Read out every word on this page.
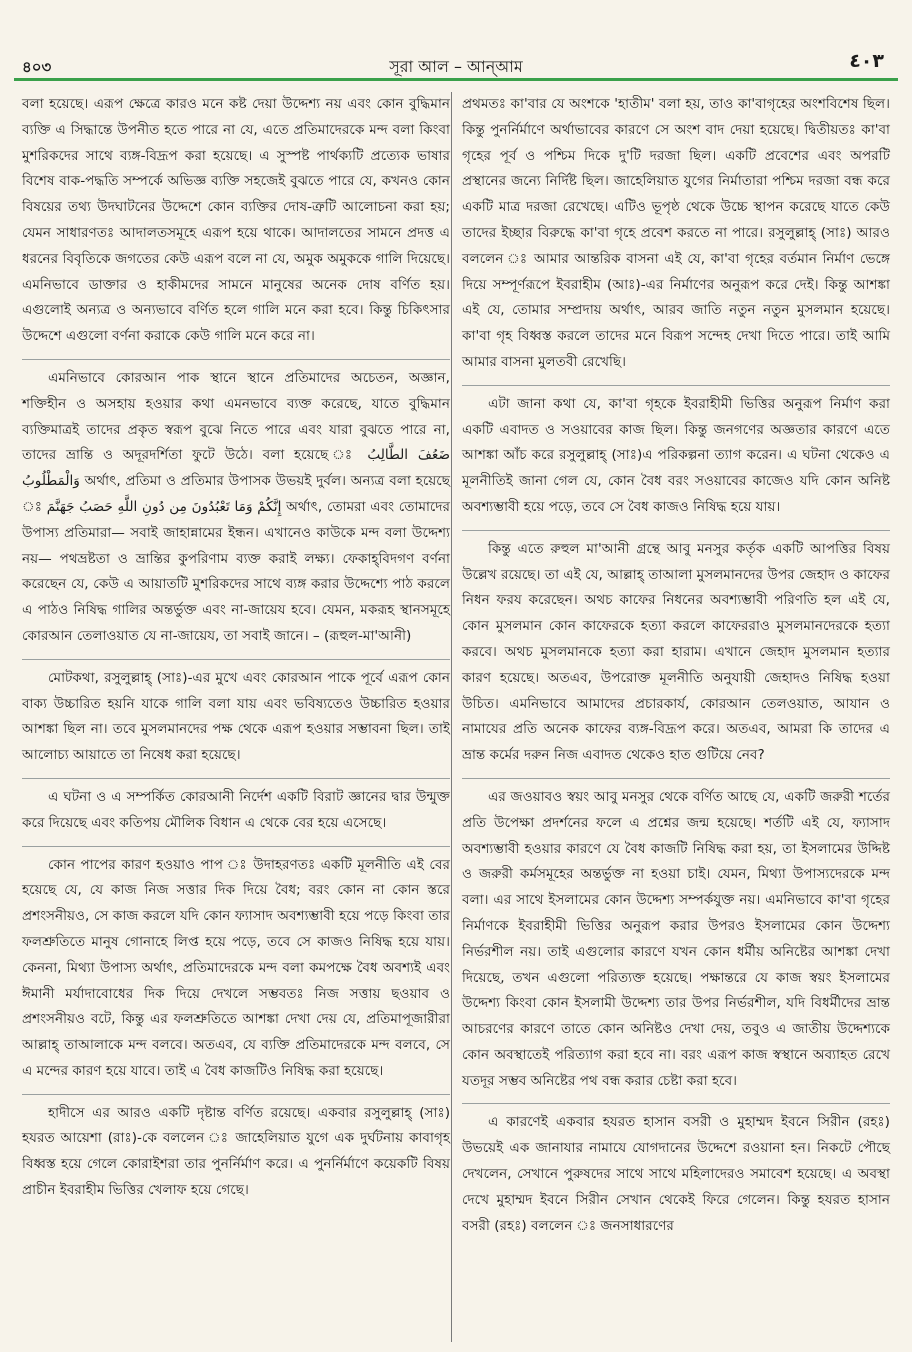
৪০৩	সূরা আল – আন্‌আম	٤٠٣

বলা হয়েছে। এরূপ ক্ষেত্রে কারও মনে কষ্ট দেয়া উদ্দেশ্য নয় এবং কোন বুদ্ধিমান ব্যক্তি এ সিদ্ধান্তে উপনীত হতে পারে না যে, এতে প্রতিমাদেরকে মন্দ বলা কিংবা মুশরিকদের সাথে ব্যঙ্গ-বিদ্রূপ করা হয়েছে। এ সুস্পষ্ট পার্থক্যটি প্রত্যেক ভাষার বিশেষ বাক-পদ্ধতি সম্পর্কে অভিজ্ঞ ব্যক্তি সহজেই বুঝতে পারে যে, কখনও কোন বিষয়ের তথ্য উদঘাটনের উদ্দেশে কোন ব্যক্তির দোষ-ত্রুটি আলোচনা করা হয়; যেমন সাধারণতঃ আদালতসমূহে এরূপ হয়ে থাকে। আদালতের সামনে প্রদত্ত এ ধরনের বিবৃতিকে জগতের কেউ এরূপ বলে না যে, অমুক অমুককে গালি দিয়েছে। এমনিভাবে ডাক্তার ও হাকীমদের সামনে মানুষের অনেক দোষ বর্ণিত হয়। এগুলোই অন্যত্র ও অন্যভাবে বর্ণিত হলে গালি মনে করা হবে। কিন্তু চিকিৎসার উদ্দেশে এগুলো বর্ণনা করাকে কেউ গালি মনে করে না।

এমনিভাবে কোরআন পাক স্থানে স্থানে প্রতিমাদের অচেতন, অজ্ঞান, শক্তিহীন ও অসহায় হওয়ার কথা এমনভাবে ব্যক্ত করেছে, যাতে বুদ্ধিমান ব্যক্তিমাত্রই তাদের প্রকৃত স্বরূপ বুঝে নিতে পারে এবং যারা বুঝতে পারে না, তাদের ভ্রান্তি ও অদূরদর্শিতা ফুটে উঠে। বলা হয়েছে ঃ ضَعُفَ الطَّالِبُ وَالْمَطْلُوبُ অর্থাৎ, প্রতিমা ও প্রতিমার উপাসক উভয়ই দুর্বল। অন্যত্র বলা হয়েছে ঃ إِنَّكُمْ وَمَا تَعْبُدُونَ مِن دُونِ اللَّهِ حَصَبُ جَهَنَّمَ অর্থাৎ, তোমরা এবং তোমাদের উপাস্য প্রতিমারা— সবাই জাহান্নামের ইন্ধন। এখানেও কাউকে মন্দ বলা উদ্দেশ্য নয়— পথভ্রষ্টতা ও ভ্রান্তির কুপরিণাম ব্যক্ত করাই লক্ষ্য। ফেকাহ্‌বিদগণ বর্ণনা করেছেন যে, কেউ এ আয়াতটি মুশরিকদের সাথে ব্যঙ্গ করার উদ্দেশ্যে পাঠ করলে এ পাঠও নিষিদ্ধ গালির অন্তর্ভুক্ত এবং না-জায়েয হবে। যেমন, মকরূহ স্থানসমূহে কোরআন তেলাওয়াত যে না-জায়েয, তা সবাই জানে। – (রূহুল-মা'আনী)

মোটকথা, রসুলুল্লাহ্‌ (সাঃ)-এর মুখে এবং কোরআন পাকে পূর্বে এরূপ কোন বাক্য উচ্চারিত হয়নি যাকে গালি বলা যায় এবং ভবিষ্যতেও উচ্চারিত হওয়ার আশঙ্কা ছিল না। তবে মুসলমানদের পক্ষ থেকে এরূপ হওয়ার সম্ভাবনা ছিল। তাই আলোচ্য আয়াতে তা নিষেধ করা হয়েছে।

এ ঘটনা ও এ সম্পর্কিত কোরআনী নির্দেশ একটি বিরাট জ্ঞানের দ্বার উন্মুক্ত করে দিয়েছে এবং কতিপয় মৌলিক বিধান এ থেকে বের হয়ে এসেছে।

কোন পাপের কারণ হওয়াও পাপ ঃ উদাহরণতঃ একটি মূলনীতি এই বের হয়েছে যে, যে কাজ নিজ সত্তার দিক দিয়ে বৈধ; বরং কোন না কোন স্তরে প্রশংসনীয়ও, সে কাজ করলে যদি কোন ফ্যাসাদ অবশ্যম্ভাবী হয়ে পড়ে কিংবা তার ফলশ্রুতিতে মানুষ গোনাহে লিপ্ত হয়ে পড়ে, তবে সে কাজও নিষিদ্ধ হয়ে যায়। কেননা, মিথ্যা উপাস্য অর্থাৎ, প্রতিমাদেরকে মন্দ বলা কমপক্ষে বৈধ অবশ্যই এবং ঈমানী মর্যাদাবোধের দিক দিয়ে দেখলে সম্ভবতঃ নিজ সত্তায় ছওয়াব ও প্রশংসনীয়ও বটে, কিন্তু এর ফলশ্রুতিতে আশঙ্কা দেখা দেয় যে, প্রতিমাপূজারীরা আল্লাহ্‌ তাআলাকে মন্দ বলবে। অতএব, যে ব্যক্তি প্রতিমাদেরকে মন্দ বলবে, সে এ মন্দের কারণ হয়ে যাবে। তাই এ বৈধ কাজটিও নিষিদ্ধ করা হয়েছে।

হাদীসে এর আরও একটি দৃষ্টান্ত বর্ণিত রয়েছে। একবার রসুলুল্লাহ্‌ (সাঃ) হযরত আয়েশা (রাঃ)-কে বললেন ঃ জাহেলিয়াত যুগে এক দুর্ঘটনায় কাবাগৃহ বিধ্বস্ত হয়ে গেলে কোরাইশরা তার পুনর্নির্মাণ করে। এ পুনর্নির্মাণে কয়েকটি বিষয় প্রাচীন ইবরাহীম ভিত্তির খেলাফ হয়ে গেছে।

প্রথমতঃ কা'বার যে অংশকে 'হাতীম' বলা হয়, তাও কা'বাগৃহের অংশবিশেষ ছিল। কিন্তু পুনর্নির্মাণে অর্থাভাবের কারণে সে অংশ বাদ দেয়া হয়েছে। দ্বিতীয়তঃ কা'বা গৃহের পূর্ব ও পশ্চিম দিকে দু'টি দরজা ছিল। একটি প্রবেশের এবং অপরটি প্রস্থানের জন্যে নির্দিষ্ট ছিল। জাহেলিয়াত যুগের নির্মাতারা পশ্চিম দরজা বন্ধ করে একটি মাত্র দরজা রেখেছে। এটিও ভূপৃষ্ঠ থেকে উচ্চে স্থাপন করেছে যাতে কেউ তাদের ইচ্ছার বিরুদ্ধে কা'বা গৃহে প্রবেশ করতে না পারে। রসুলুল্লাহ্‌ (সাঃ) আরও বললেন ঃ আমার আন্তরিক বাসনা এই যে, কা'বা গৃহের বর্তমান নির্মাণ ভেঙ্গে দিয়ে সম্পূর্ণরূপে ইবরাহীম (আঃ)-এর নির্মাণের অনুরূপ করে দেই। কিন্তু আশঙ্কা এই যে, তোমার সম্প্রদায় অর্থাৎ, আরব জাতি নতুন নতুন মুসলমান হয়েছে। কা'বা গৃহ বিধ্বস্ত করলে তাদের মনে বিরূপ সন্দেহ দেখা দিতে পারে। তাই আমি আমার বাসনা মুলতবী রেখেছি।

এটা জানা কথা যে, কা'বা গৃহকে ইবরাহীমী ভিত্তির অনুরূপ নির্মাণ করা একটি এবাদত ও সওয়াবের কাজ ছিল। কিন্তু জনগণের অজ্ঞতার কারণে এতে আশঙ্কা আঁচ করে রসুলুল্লাহ্‌ (সাঃ)এ পরিকল্পনা ত্যাগ করেন। এ ঘটনা থেকেও এ মূলনীতিই জানা গেল যে, কোন বৈধ বরং সওয়াবের কাজেও যদি কোন অনিষ্ট অবশ্যম্ভাবী হয়ে পড়ে, তবে সে বৈধ কাজও নিষিদ্ধ হয়ে যায়।

কিন্তু এতে রুহুল মা'আনী গ্রন্থে আবু মনসুর কর্তৃক একটি আপত্তির বিষয় উল্লেখ রয়েছে। তা এই যে, আল্লাহ্‌ তাআলা মুসলমানদের উপর জেহাদ ও কাফের নিধন ফরয করেছেন। অথচ কাফের নিধনের অবশ্যম্ভাবী পরিণতি হল এই যে, কোন মুসলমান কোন কাফেরকে হত্যা করলে কাফেররাও মুসলমানদেরকে হত্যা করবে। অথচ মুসলমানকে হত্যা করা হারাম। এখানে জেহাদ মুসলমান হত্যার কারণ হয়েছে। অতএব, উপরোক্ত মূলনীতি অনুযায়ী জেহাদও নিষিদ্ধ হওয়া উচিত। এমনিভাবে আমাদের প্রচারকার্য, কোরআন তেলওয়াত, আযান ও নামাযের প্রতি অনেক কাফের ব্যঙ্গ-বিদ্রূপ করে। অতএব, আমরা কি তাদের এ ভ্রান্ত কর্মের দরুন নিজ এবাদত থেকেও হাত গুটিয়ে নেব?

এর জওয়াবও স্বয়ং আবু মনসুর থেকে বর্ণিত আছে যে, একটি জরুরী শর্তের প্রতি উপেক্ষা প্রদর্শনের ফলে এ প্রশ্নের জন্ম হয়েছে। শর্তটি এই যে, ফ্যাসাদ অবশ্যম্ভাবী হওয়ার কারণে যে বৈধ কাজটি নিষিদ্ধ করা হয়, তা ইসলামের উদ্দিষ্ট ও জরুরী কর্মসমূহের অন্তর্ভুক্ত না হওয়া চাই। যেমন, মিথ্যা উপাস্যদেরকে মন্দ বলা। এর সাথে ইসলামের কোন উদ্দেশ্য সম্পর্কযুক্ত নয়। এমনিভাবে কা'বা গৃহের নির্মাণকে ইবরাহীমী ভিত্তির অনুরূপ করার উপরও ইসলামের কোন উদ্দেশ্য নির্ভরশীল নয়। তাই এগুলোর কারণে যখন কোন ধর্মীয় অনিষ্টের আশঙ্কা দেখা দিয়েছে, তখন এগুলো পরিত্যক্ত হয়েছে। পক্ষান্তরে যে কাজ স্বয়ং ইসলামের উদ্দেশ্য কিংবা কোন ইসলামী উদ্দেশ্য তার উপর নির্ভরশীল, যদি বিধর্মীদের ভ্রান্ত আচরণের কারণে তাতে কোন অনিষ্টও দেখা দেয়, তবুও এ জাতীয় উদ্দেশ্যকে কোন অবস্থাতেই পরিত্যাগ করা হবে না। বরং এরূপ কাজ স্বস্থানে অব্যাহত রেখে যতদূর সম্ভব অনিষ্টের পথ বন্ধ করার চেষ্টা করা হবে।

এ কারণেই একবার হযরত হাসান বসরী ও মুহাম্মদ ইবনে সিরীন (রহঃ) উভয়েই এক জানাযার নামাযে যোগদানের উদ্দেশে রওয়ানা হন। নিকটে পৌছে দেখলেন, সেখানে পুরুষদের সাথে সাথে মহিলাদেরও সমাবেশ হয়েছে। এ অবস্থা দেখে মুহাম্মদ ইবনে সিরীন সেখান থেকেই ফিরে গেলেন। কিন্তু হযরত হাসান বসরী (রহঃ) বললেন ঃ জনসাধারণের
